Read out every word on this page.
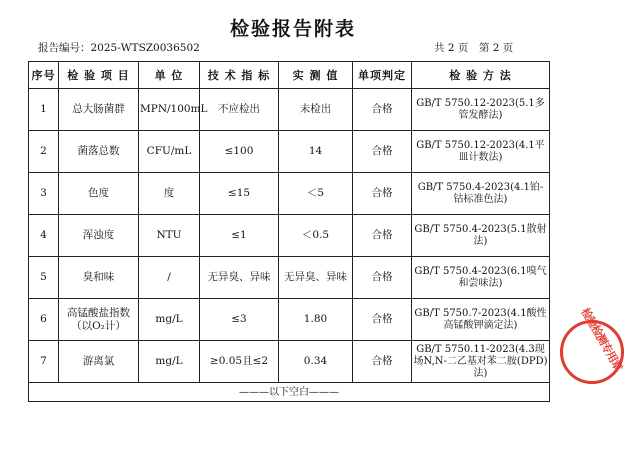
检验报告附表
报告编号：2025-WTSZ0036502	共 2 页　第 2 页
序号	检 验 项 目	单 位	技 术 指 标	实 测 值	单项判定	检 验 方 法
1	总大肠菌群	MPN/100mL	不应检出	未检出	合格	GB/T 5750.12-2023(5.1多管发酵法)
2	菌落总数	CFU/mL	≤100	14	合格	GB/T 5750.12-2023(4.1平皿计数法)
3	色度	度	≤15	＜5	合格	GB/T 5750.4-2023(4.1铂-钴标准色法)
4	浑浊度	NTU	≤1	＜0.5	合格	GB/T 5750.4-2023(5.1散射法)
5	臭和味	/	无异臭、异味	无异臭、异味	合格	GB/T 5750.4-2023(6.1嗅气和尝味法)
6	高锰酸盐指数（以O₂计）	mg/L	≤3	1.80	合格	GB/T 5750.7-2023(4.1酸性高锰酸钾滴定法)
7	游离氯	mg/L	≥0.05且≤2	0.34	合格	GB/T 5750.11-2023(4.3现场N,N-二乙基对苯二胺(DPD)法)
———以下空白———						
检验检测专用章
